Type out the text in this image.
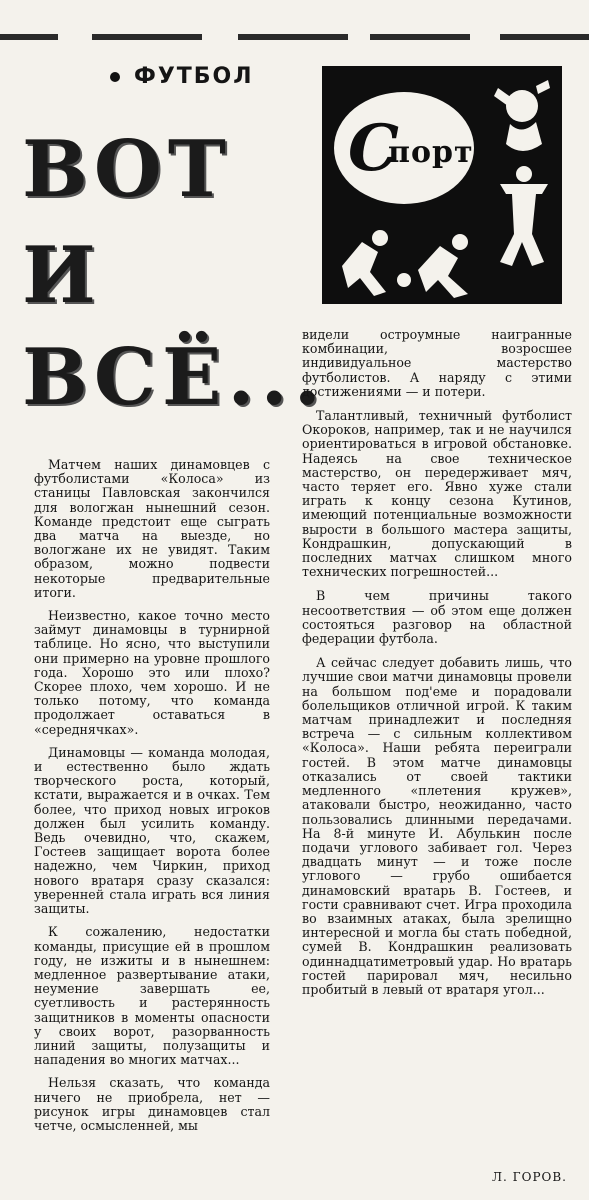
ФУТБОЛ
С
порт
ВОТ
И
ВСЁ...

Матчем наших динамовцев с футболистами «Колоса» из станицы Павловская закончился для вологжан нынешний сезон. Команде предстоит еще сыграть два матча на выезде, но вологжане их не увидят. Таким образом, можно подвести некоторые предварительные итоги.

Неизвестно, какое точно место займут динамовцы в турнирной таблице. Но ясно, что выступили они примерно на уровне прошлого года. Хорошо это или плохо? Скорее плохо, чем хорошо. И не только потому, что команда продолжает оставаться в «середнячках».

Динамовцы — команда молодая, и естественно было ждать творческого роста, который, кстати, выражается и в очках. Тем более, что приход новых игроков должен был усилить команду. Ведь очевидно, что, скажем, Гостеев защищает ворота более надежно, чем Чиркин, приход нового вратаря сразу сказался: уверенней стала играть вся линия защиты.

К сожалению, недостатки команды, присущие ей в прошлом году, не изжиты и в нынешнем: медленное развертывание атаки, неумение завершать ее, суетливость и растерянность защитников в моменты опасности у своих ворот, разорванность линий защиты, полузащиты и нападения во многих матчах...

Нельзя сказать, что команда ничего не приобрела, нет — рисунок игры динамовцев стал четче, осмысленней, мы

видели остроумные наигранные комбинации, возросшее индивидуальное мастерство футболистов. А наряду с этими достижениями — и потери.

Талантливый, техничный футболист Окороков, например, так и не научился ориентироваться в игровой обстановке. Надеясь на свое техническое мастерство, он передерживает мяч, часто теряет его. Явно хуже стали играть к концу сезона Кутинов, имеющий потенциальные возможности вырости в большого мастера защиты, Кондрашкин, допускающий в последних матчах слишком много технических погрешностей...

В чем причины такого несоответствия — об этом еще должен состояться разговор на областной федерации футбола.

А сейчас следует добавить лишь, что лучшие свои матчи динамовцы провели на большом под'еме и порадовали болельщиков отличной игрой. К таким матчам принадлежит и последняя встреча — с сильным коллективом «Колоса». Наши ребята переиграли гостей. В этом матче динамовцы отказались от своей тактики медленного «плетения кружев», атаковали быстро, неожиданно, часто пользовались длинными передачами. На 8-й минуте И. Абулькин после подачи углового забивает гол. Через двадцать минут — и тоже после углового — грубо ошибается динамовский вратарь В. Гостеев, и гости сравнивают счет. Игра проходила во взаимных атаках, была зрелищно интересной и могла бы стать победной, сумей В. Кондрашкин реализовать одиннадцатиметровый удар. Но вратарь гостей парировал мяч, несильно пробитый в левый от вратаря угол...

Л. ГОРОВ.
